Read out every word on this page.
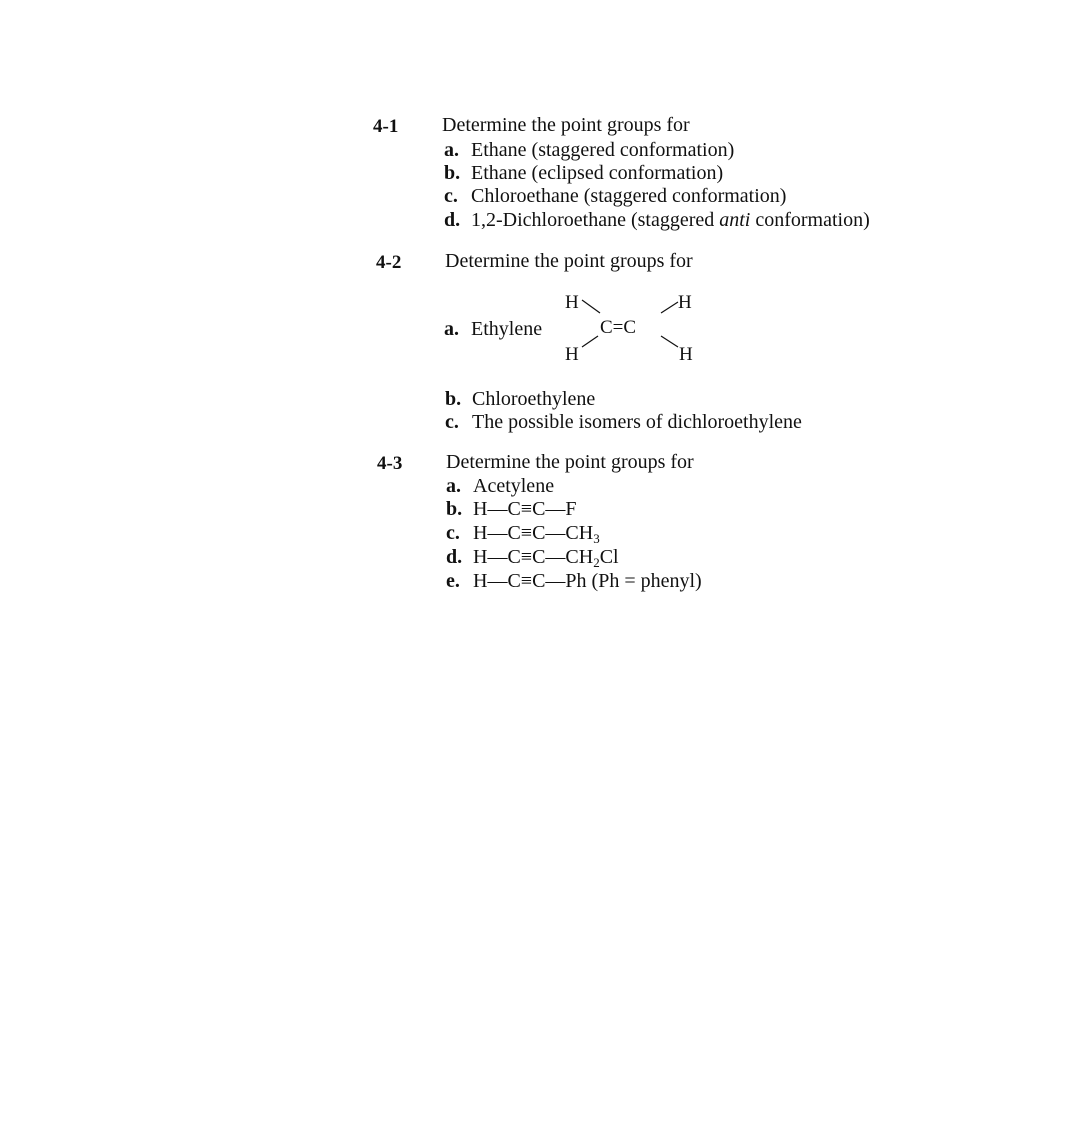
4-1 Determine the point groups for
a. Ethane (staggered conformation)
b. Ethane (eclipsed conformation)
c. Chloroethane (staggered conformation)
d. 1,2-Dichloroethane (staggered anti conformation)
4-2 Determine the point groups for
a. Ethylene
H	H
C=C
H	H
b. Chloroethylene
c. The possible isomers of dichloroethylene
4-3 Determine the point groups for
a. Acetylene
b. H—C≡C—F
c. $H—C\equiv C—CH_3$
d. $H—C\equiv C—CH_2Cl$
e. H—C≡C—Ph (Ph = phenyl)
